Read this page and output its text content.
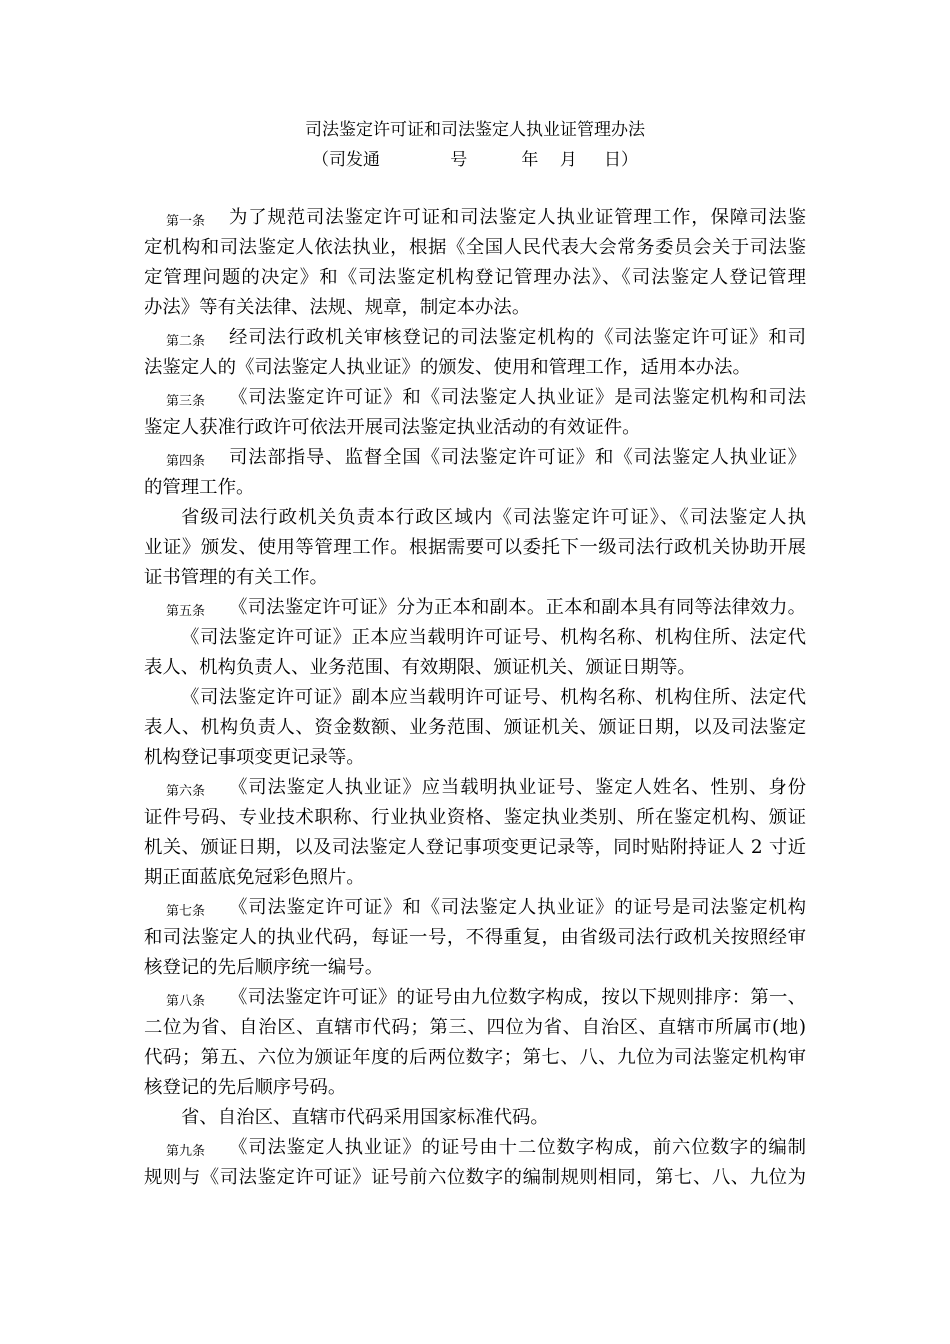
司法鉴定许可证和司法鉴定人执业证管理办法
（司发通             号          年    月     日）
第一条 为了规范司法鉴定许可证和司法鉴定人执业证管理工作，保障司法鉴
定机构和司法鉴定人依法执业，根据《全国人民代表大会常务委员会关于司法鉴
定管理问题的决定》和《司法鉴定机构登记管理办法》、《司法鉴定人登记管理
办法》等有关法律、法规、规章，制定本办法。
第二条 经司法行政机关审核登记的司法鉴定机构的《司法鉴定许可证》和司
法鉴定人的《司法鉴定人执业证》的颁发、使用和管理工作，适用本办法。
第三条 《司法鉴定许可证》和《司法鉴定人执业证》是司法鉴定机构和司法
鉴定人获准行政许可依法开展司法鉴定执业活动的有效证件。
第四条 司法部指导、监督全国《司法鉴定许可证》和《司法鉴定人执业证》
的管理工作。
省级司法行政机关负责本行政区域内《司法鉴定许可证》、《司法鉴定人执
业证》颁发、使用等管理工作。根据需要可以委托下一级司法行政机关协助开展
证书管理的有关工作。
第五条 《司法鉴定许可证》分为正本和副本。正本和副本具有同等法律效力。
《司法鉴定许可证》正本应当载明许可证号、机构名称、机构住所、法定代
表人、机构负责人、业务范围、有效期限、颁证机关、颁证日期等。
《司法鉴定许可证》副本应当载明许可证号、机构名称、机构住所、法定代
表人、机构负责人、资金数额、业务范围、颁证机关、颁证日期，以及司法鉴定
机构登记事项变更记录等。
第六条 《司法鉴定人执业证》应当载明执业证号、鉴定人姓名、性别、身份
证件号码、专业技术职称、行业执业资格、鉴定执业类别、所在鉴定机构、颁证
机关、颁证日期，以及司法鉴定人登记事项变更记录等，同时贴附持证人 2 寸近
期正面蓝底免冠彩色照片。
第七条 《司法鉴定许可证》和《司法鉴定人执业证》的证号是司法鉴定机构
和司法鉴定人的执业代码，每证一号，不得重复，由省级司法行政机关按照经审
核登记的先后顺序统一编号。
第八条 《司法鉴定许可证》的证号由九位数字构成，按以下规则排序：第一、
二位为省、自治区、直辖市代码；第三、四位为省、自治区、直辖市所属市(地)
代码；第五、六位为颁证年度的后两位数字；第七、八、九位为司法鉴定机构审
核登记的先后顺序号码。
省、自治区、直辖市代码采用国家标准代码。
第九条 《司法鉴定人执业证》的证号由十二位数字构成，前六位数字的编制
规则与《司法鉴定许可证》证号前六位数字的编制规则相同，第七、八、九位为
